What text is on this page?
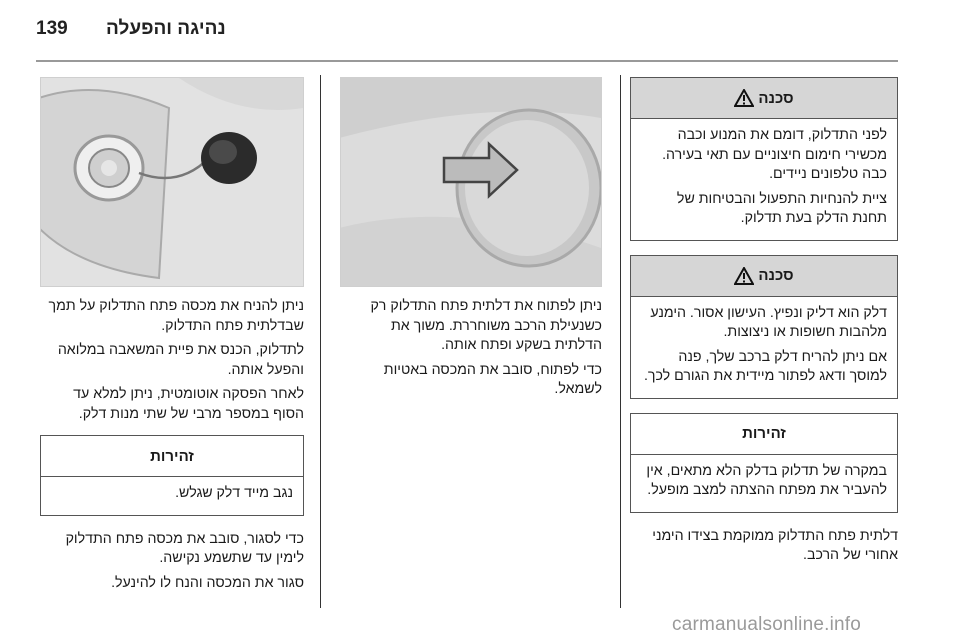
139 נהיגה והפעלה
סכנה

לפני התדלוק, דומם את המנוע וכבה מכשירי חימום חיצוניים עם תאי בעירה. כבה טלפונים ניידים.

ציית להנחיות התפעול והבטיחות של תחנת הדלק בעת תדלוק.

סכנה

דלק הוא דליק ונפיץ. העישון אסור. הימנע מלהבות חשופות או ניצוצות.

אם ניתן להריח דלק ברכב שלך, פנה למוסך ודאג לפתור מיידית את הגורם לכך.

זהירות

במקרה של תדלוק בדלק הלא מתאים, אין להעביר את מפתח ההצתה למצב מופעל.

דלתית פתח התדלוק ממוקמת בצידו הימני אחורי של הרכב.

ניתן לפתוח את דלתית פתח התדלוק רק כשנעילת הרכב משוחררת. משוך את הדלתית בשקע ופתח אותה.

כדי לפתוח, סובב את המכסה באטיות לשמאל.

ניתן להניח את מכסה פתח התדלוק על תמך שבדלתית פתח התדלוק.

לתדלוק, הכנס את פיית המשאבה במלואה והפעל אותה.

לאחר הפסקה אוטומטית, ניתן למלא עד הסוף במספר מרבי של שתי מנות דלק.

זהירות

נגב מייד דלק שגלש.

כדי לסגור, סובב את מכסה פתח התדלוק לימין עד שתשמע נקישה.

סגור את המכסה והנח לו להינעל.

carmanualsonline.info
